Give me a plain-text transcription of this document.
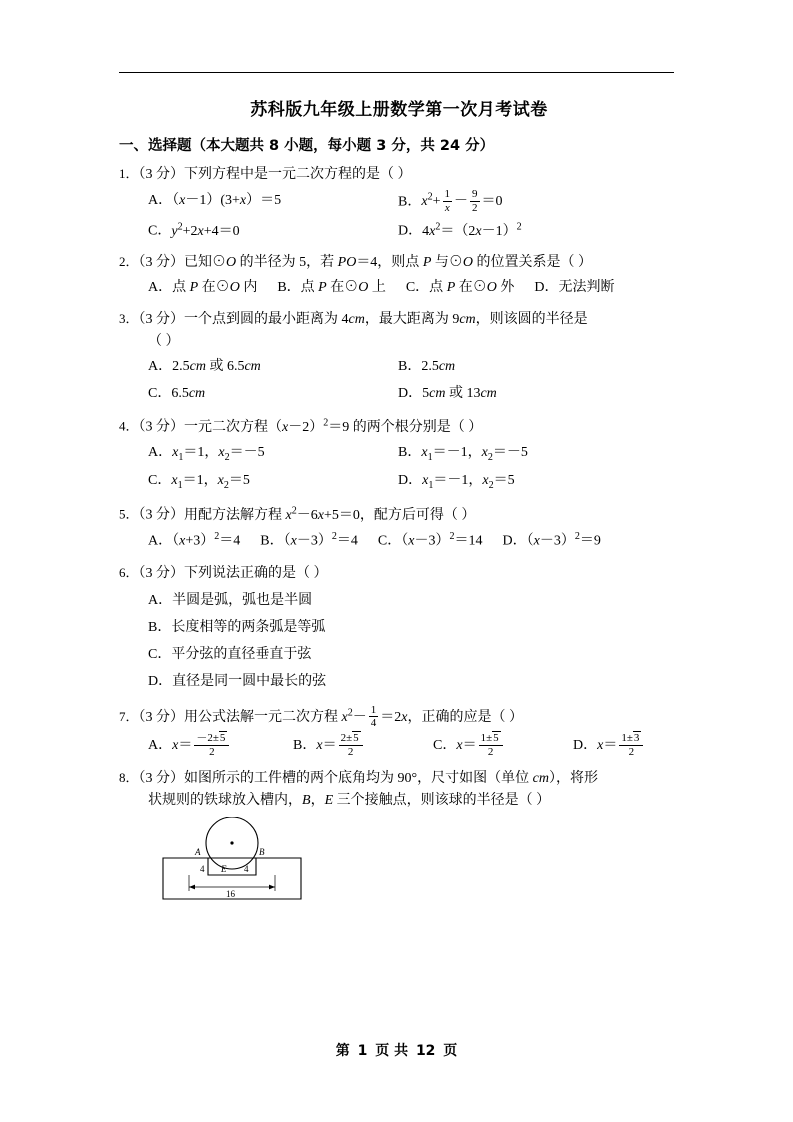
苏科版九年级上册数学第一次月考试卷
一、选择题（本大题共 8 小题，每小题 3 分，共 24 分）
1．（3 分）下列方程中是一元二次方程的是（ ）
A．（x－1）(3+x）＝5	B．$x^2+ \frac{1}{x} - \frac{9}{2} =0$
C．$y^2+2x+4=0$	D．$4x^2=(2x-1)^2$
2．（3 分）已知⊙O 的半径为 5，若 PO＝4，则点 P 与⊙O 的位置关系是（ ）
A．点 P 在⊙O 内 B．点 P 在⊙O 上 C．点 P 在⊙O 外 D．无法判断
3．（3 分）一个点到圆的最小距离为 4cm，最大距离为 9cm，则该圆的半径是
（ ）
A．2.5cm 或 6.5cm	B．2.5cm
C．6.5cm	D．5cm 或 13cm
4．（3 分）一元二次方程$(x-2)^2=9$ 的两个根分别是（ ）
A．$x_1=1$，$x_2=-5$	B．$x_1=-1$，$x_2=-5$
C．$x_1=1$，$x_2=5$	D．$x_1=-1$，$x_2=5$
5．（3 分）用配方法解方程 $x^2-6x+5=0$，配方后可得（ ）
A．$(x+3)^2=4$ B．$(x-3)^2=4$ C．$(x-3)^2=14$ D．$(x-3)^2=9$
6．（3 分）下列说法正确的是（ ）
A．半圆是弧，弧也是半圆
B．长度相等的两条弧是等弧
C．平分弦的直径垂直于弦
D．直径是同一圆中最长的弦
7．（3 分）用公式法解一元二次方程 $x^2- \frac{1}{4} =2x$，正确的应是（ ）
A．$x= \frac{-2\pm 5}{2}$	B．$x= \frac{2\pm 5}{2}$	C．$x= \frac{1\pm 5}{2}$	D．$x= \frac{1\pm 3}{2}$
8．（3 分）如图所示的工件槽的两个底角均为 90°，尺寸如图（单位 cm），将形
状规则的铁球放入槽内，B，E 三个接触点，则该球的半径是（ ）
A	B
E
4	4
16
第 1 页 共 12 页
